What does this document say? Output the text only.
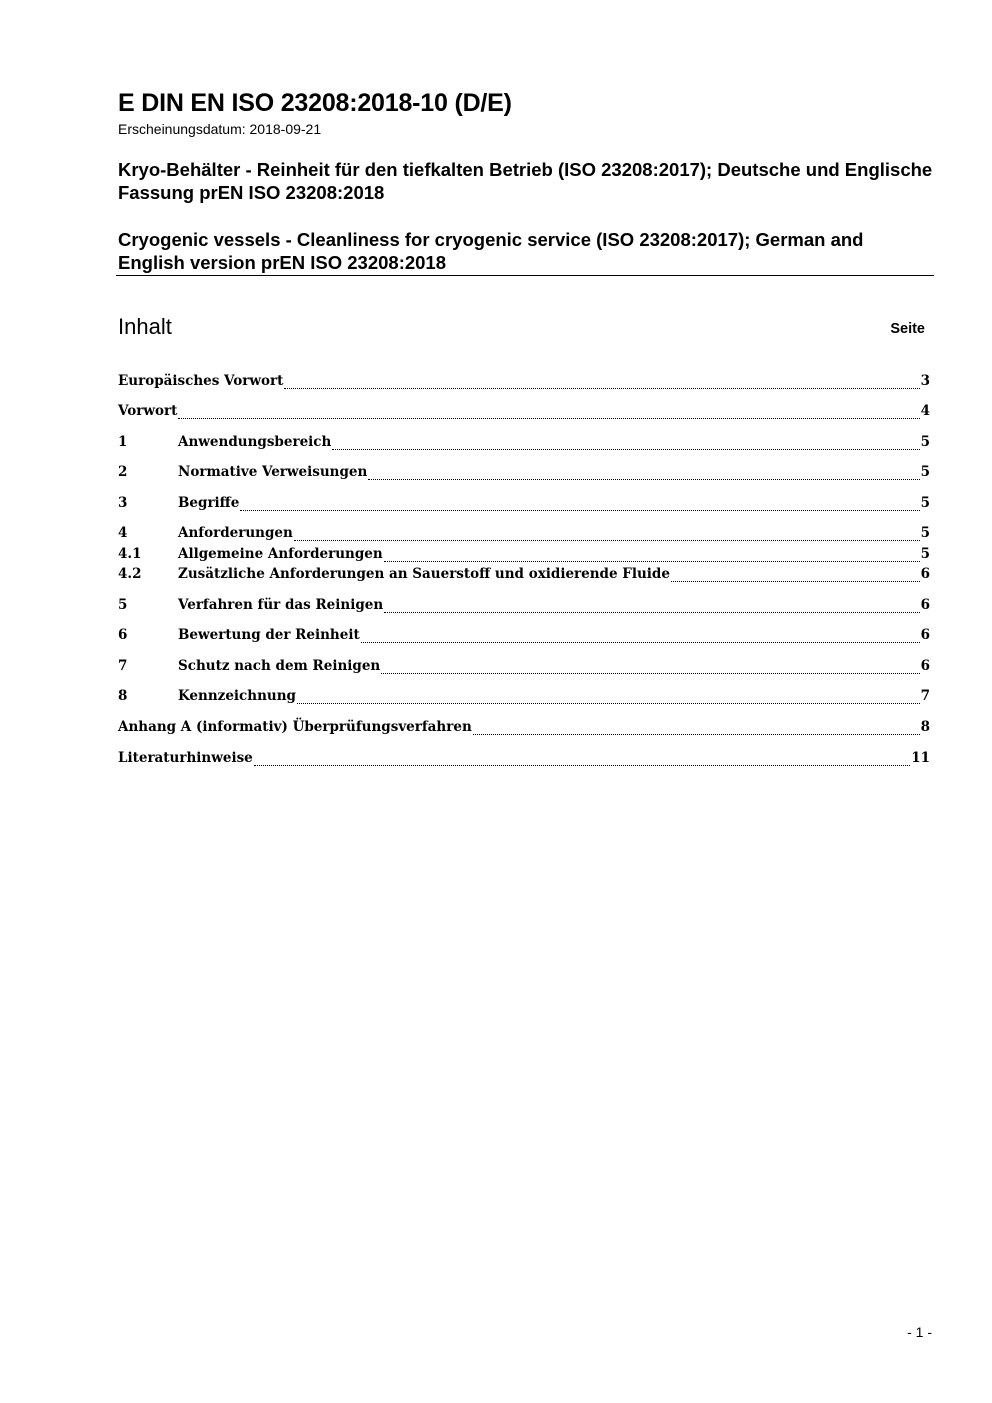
E DIN EN ISO 23208:2018-10 (D/E)
Erscheinungsdatum: 2018-09-21
Kryo-Behälter - Reinheit für den tiefkalten Betrieb (ISO 23208:2017); Deutsche und Englische Fassung prEN ISO 23208:2018
Cryogenic vessels - Cleanliness for cryogenic service (ISO 23208:2017); German and English version prEN ISO 23208:2018
Inhalt	Seite
Europäisches Vorwort	3
Vorwort	4
1	Anwendungsbereich	5
2	Normative Verweisungen	5
3	Begriffe	5
4	Anforderungen	5
4.1	Allgemeine Anforderungen	5
4.2	Zusätzliche Anforderungen an Sauerstoff und oxidierende Fluide	6
5	Verfahren für das Reinigen	6
6	Bewertung der Reinheit	6
7	Schutz nach dem Reinigen	6
8	Kennzeichnung	7
Anhang A (informativ) Überprüfungsverfahren	8
Literaturhinweise	11
- 1 -
